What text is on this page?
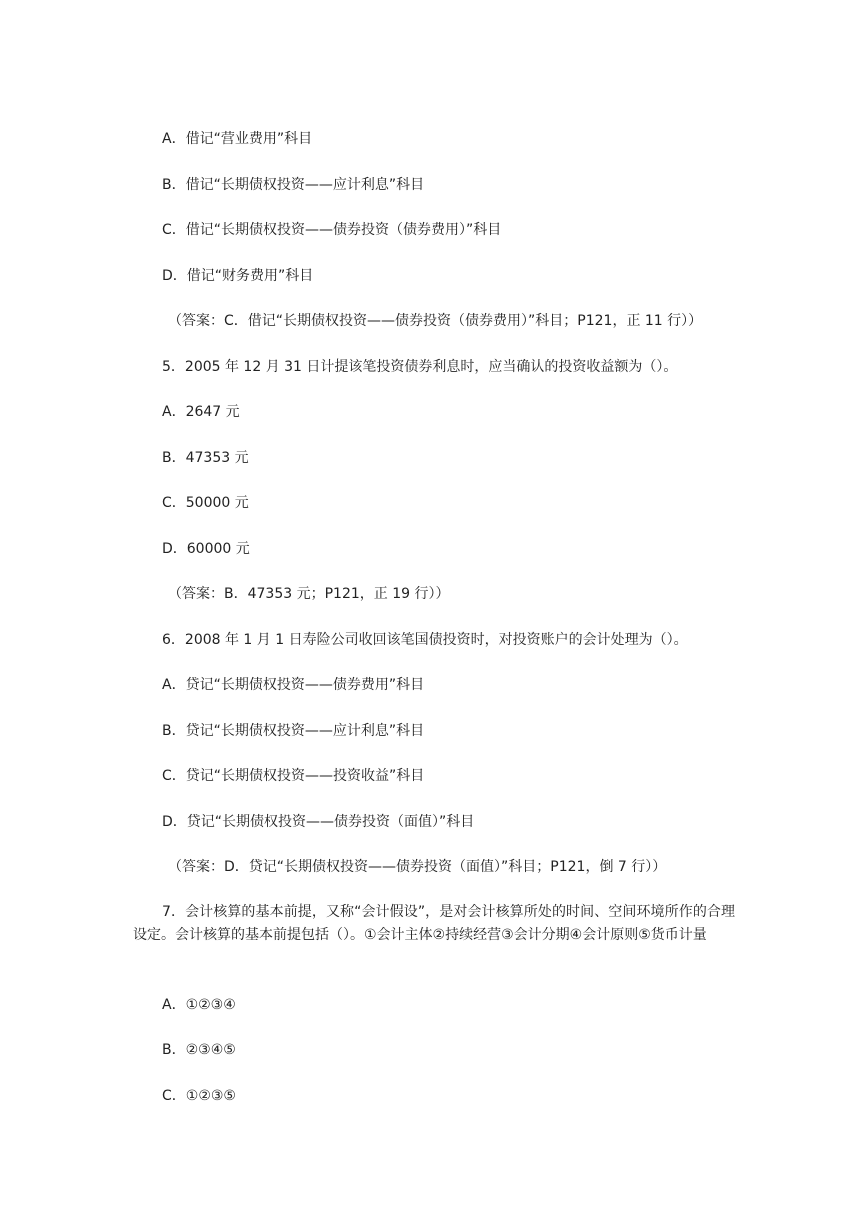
A．借记“营业费用”科目
B．借记“长期债权投资——应计利息”科目
C．借记“长期债权投资——债券投资（债券费用）”科目
D．借记“财务费用”科目
（答案：C．借记“长期债权投资——债券投资（债券费用）”科目；P121，正 11 行））
5．2005 年 12 月 31 日计提该笔投资债券利息时，应当确认的投资收益额为（）。
A．2647 元
B．47353 元
C．50000 元
D．60000 元
（答案：B．47353 元；P121，正 19 行））
6．2008 年 1 月 1 日寿险公司收回该笔国债投资时，对投资账户的会计处理为（）。
A．贷记“长期债权投资——债券费用”科目
B．贷记“长期债权投资——应计利息”科目
C．贷记“长期债权投资——投资收益”科目
D．贷记“长期债权投资——债券投资（面值）”科目
（答案：D．贷记“长期债权投资——债券投资（面值）”科目；P121，倒 7 行））
7．会计核算的基本前提，又称“会计假设”，是对会计核算所处的时间、空间环境所作的合理设定。会计核算的基本前提包括（）。①会计主体②持续经营③会计分期④会计原则⑤货币计量
A．①②③④
B．②③④⑤
C．①②③⑤
